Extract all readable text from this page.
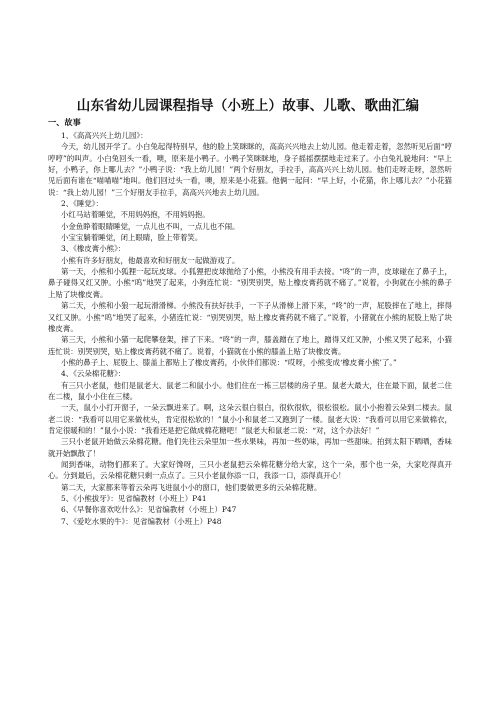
山东省幼儿园课程指导（小班上）故事、儿歌、歌曲汇编
一、故事

1、《高高兴兴上幼儿园》：

今天，幼儿园开学了。小白兔起得特别早，他的脸上笑眯眯的，高高兴兴地去上幼儿园。他走着走着，忽然听见后面“哼哼哼”的叫声。小白兔回头一看，噢，原来是小鸭子。小鸭子笑眯眯地，身子摇摇摆摆地走过来了。小白兔礼貌地问：“早上好，小鸭子，你上哪儿去？”小鸭子说：“我上幼儿园！”两个好朋友，手拉手，高高兴兴上幼儿园。他们走呀走呀，忽然听见后面有谁在“喵喵喵”地叫。他们回过头一看，噢，原来是小花猫。他俩一起问：“早上好，小花猫，你上哪儿去？”小花猫说：“我上幼儿园！”三个好朋友手拉手，高高兴兴地去上幼儿园。

2、《睡觉》：

小红马站着睡觉，不用妈妈抱，不用妈妈抱。

小金鱼睁着眼睛睡觉，一点儿也不叫，一点儿也不闹。

小宝宝躺着睡觉，闭上眼睛，脸上带着笑。

3、《橡皮膏小熊》：

小熊有许多好朋友，他最喜欢和好朋友一起做游戏了。

第一天，小熊和小狐狸一起玩皮球。小狐狸把皮球抛给了小熊，小熊没有用手去接。“咚”的一声，皮球碰在了鼻子上，鼻子碰得又红又肿。小熊“呜”地哭了起来，小狗连忙说：“别哭别哭，贴上橡皮膏药就不痛了。”说着，小狗就在小熊的鼻子上贴了块橡皮膏。

第二天，小熊和小狼一起玩滑滑梯。小熊没有扶好扶手，一下子从滑梯上滑下来，“咚”的一声，屁股摔在了地上，摔得又红又肿。小熊“呜”地哭了起来，小猪连忙说：“别哭别哭，贴上橡皮膏药就不痛了。”说着，小猪就在小熊的屁股上贴了块橡皮膏。

第三天，小熊和小猫一起爬攀登架，摔了下来。“咚”的一声，膝盖蹭在了地上，蹭得又红又肿，小熊又哭了起来，小猫连忙说：别哭别哭，贴上橡皮膏药就不痛了。说着，小猫就在小熊的膝盖上贴了块橡皮膏。

小熊的鼻子上、屁股上、膝盖上都贴上了橡皮膏药，小伙伴们都说：“哎呀，小熊变成‘橡皮膏小熊’了。”

4、《云朵棉花糖》：

有三只小老鼠，他们是鼠老大、鼠老二和鼠小小。他们住在一栋三层楼的房子里。鼠老大最大，住在最下面，鼠老二住在二楼，鼠小小住在三楼。

一天，鼠小小打开窗子，一朵云飘进来了。啊，这朵云很白很白，很软很软，很松很松。鼠小小抱着云朵到二楼去。鼠老二说：“我看可以用它来做枕头，肯定很松软的！”鼠小小和鼠老二又跑到了一楼。鼠老大说：“我看可以用它来做棉衣，肯定很暖和的！”鼠小小说：“我看还是把它做成棉花糖吧！”鼠老大和鼠老二说：“对，这个办法好！”

三只小老鼠开始做云朵棉花糖。他们先往云朵里加一些水果味，再加一些奶味，再加一些甜味。拍到太阳下晒晒，香味就开始飘散了！

闻到香味，动物们都来了。大家好馋呀，三只小老鼠把云朵棉花糖分给大家，这个一朵，那个也一朵，大家吃得真开心。分到最后，云朵棉花糖只剩一点点了。三只小老鼠你添一口，我添一口，添得真开心！

第二天，大家都来等着云朵再飞进鼠小小的窗口，他们要做更多的云朵棉花糖。

5、《小熊拔牙》：见省编教材（小班上）P41

6、《早餐你喜欢吃什么》：见省编教材（小班上）P47

7、《爱吃水果的牛》：见省编教材（小班上）P48
